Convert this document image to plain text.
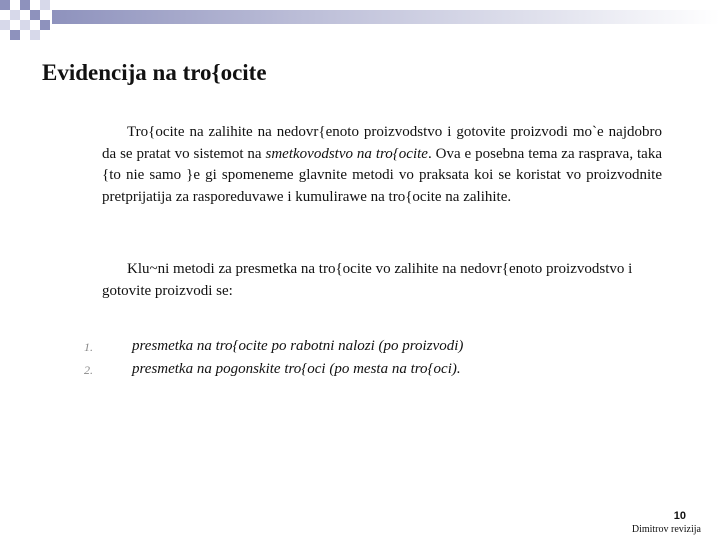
Evidencija na tro{ocite

Tro{ocite na zalihite na nedovr{enoto proizvodstvo i gotovite proizvodi mo`e najdobro da se pratat vo sistemot na smetkovodstvo na tro{ocite. Ova e posebna tema za rasprava, taka {to nie samo }e gi spomeneme glavnite metodi vo praksata koi se koristat vo proizvodnite pretprijatija za rasporeduvawe i kumulirawe na tro{ocite na zalihite.

Klu~ni metodi za presmetka na tro{ocite vo zalihite na nedovr{enoto proizvodstvo i gotovite proizvodi se:

1.	presmetka na tro{ocite po rabotni nalozi (po proizvodi)
2.	presmetka na pogonskite tro{oci (po mesta na tro{oci).
10
Dimitrov revizija
